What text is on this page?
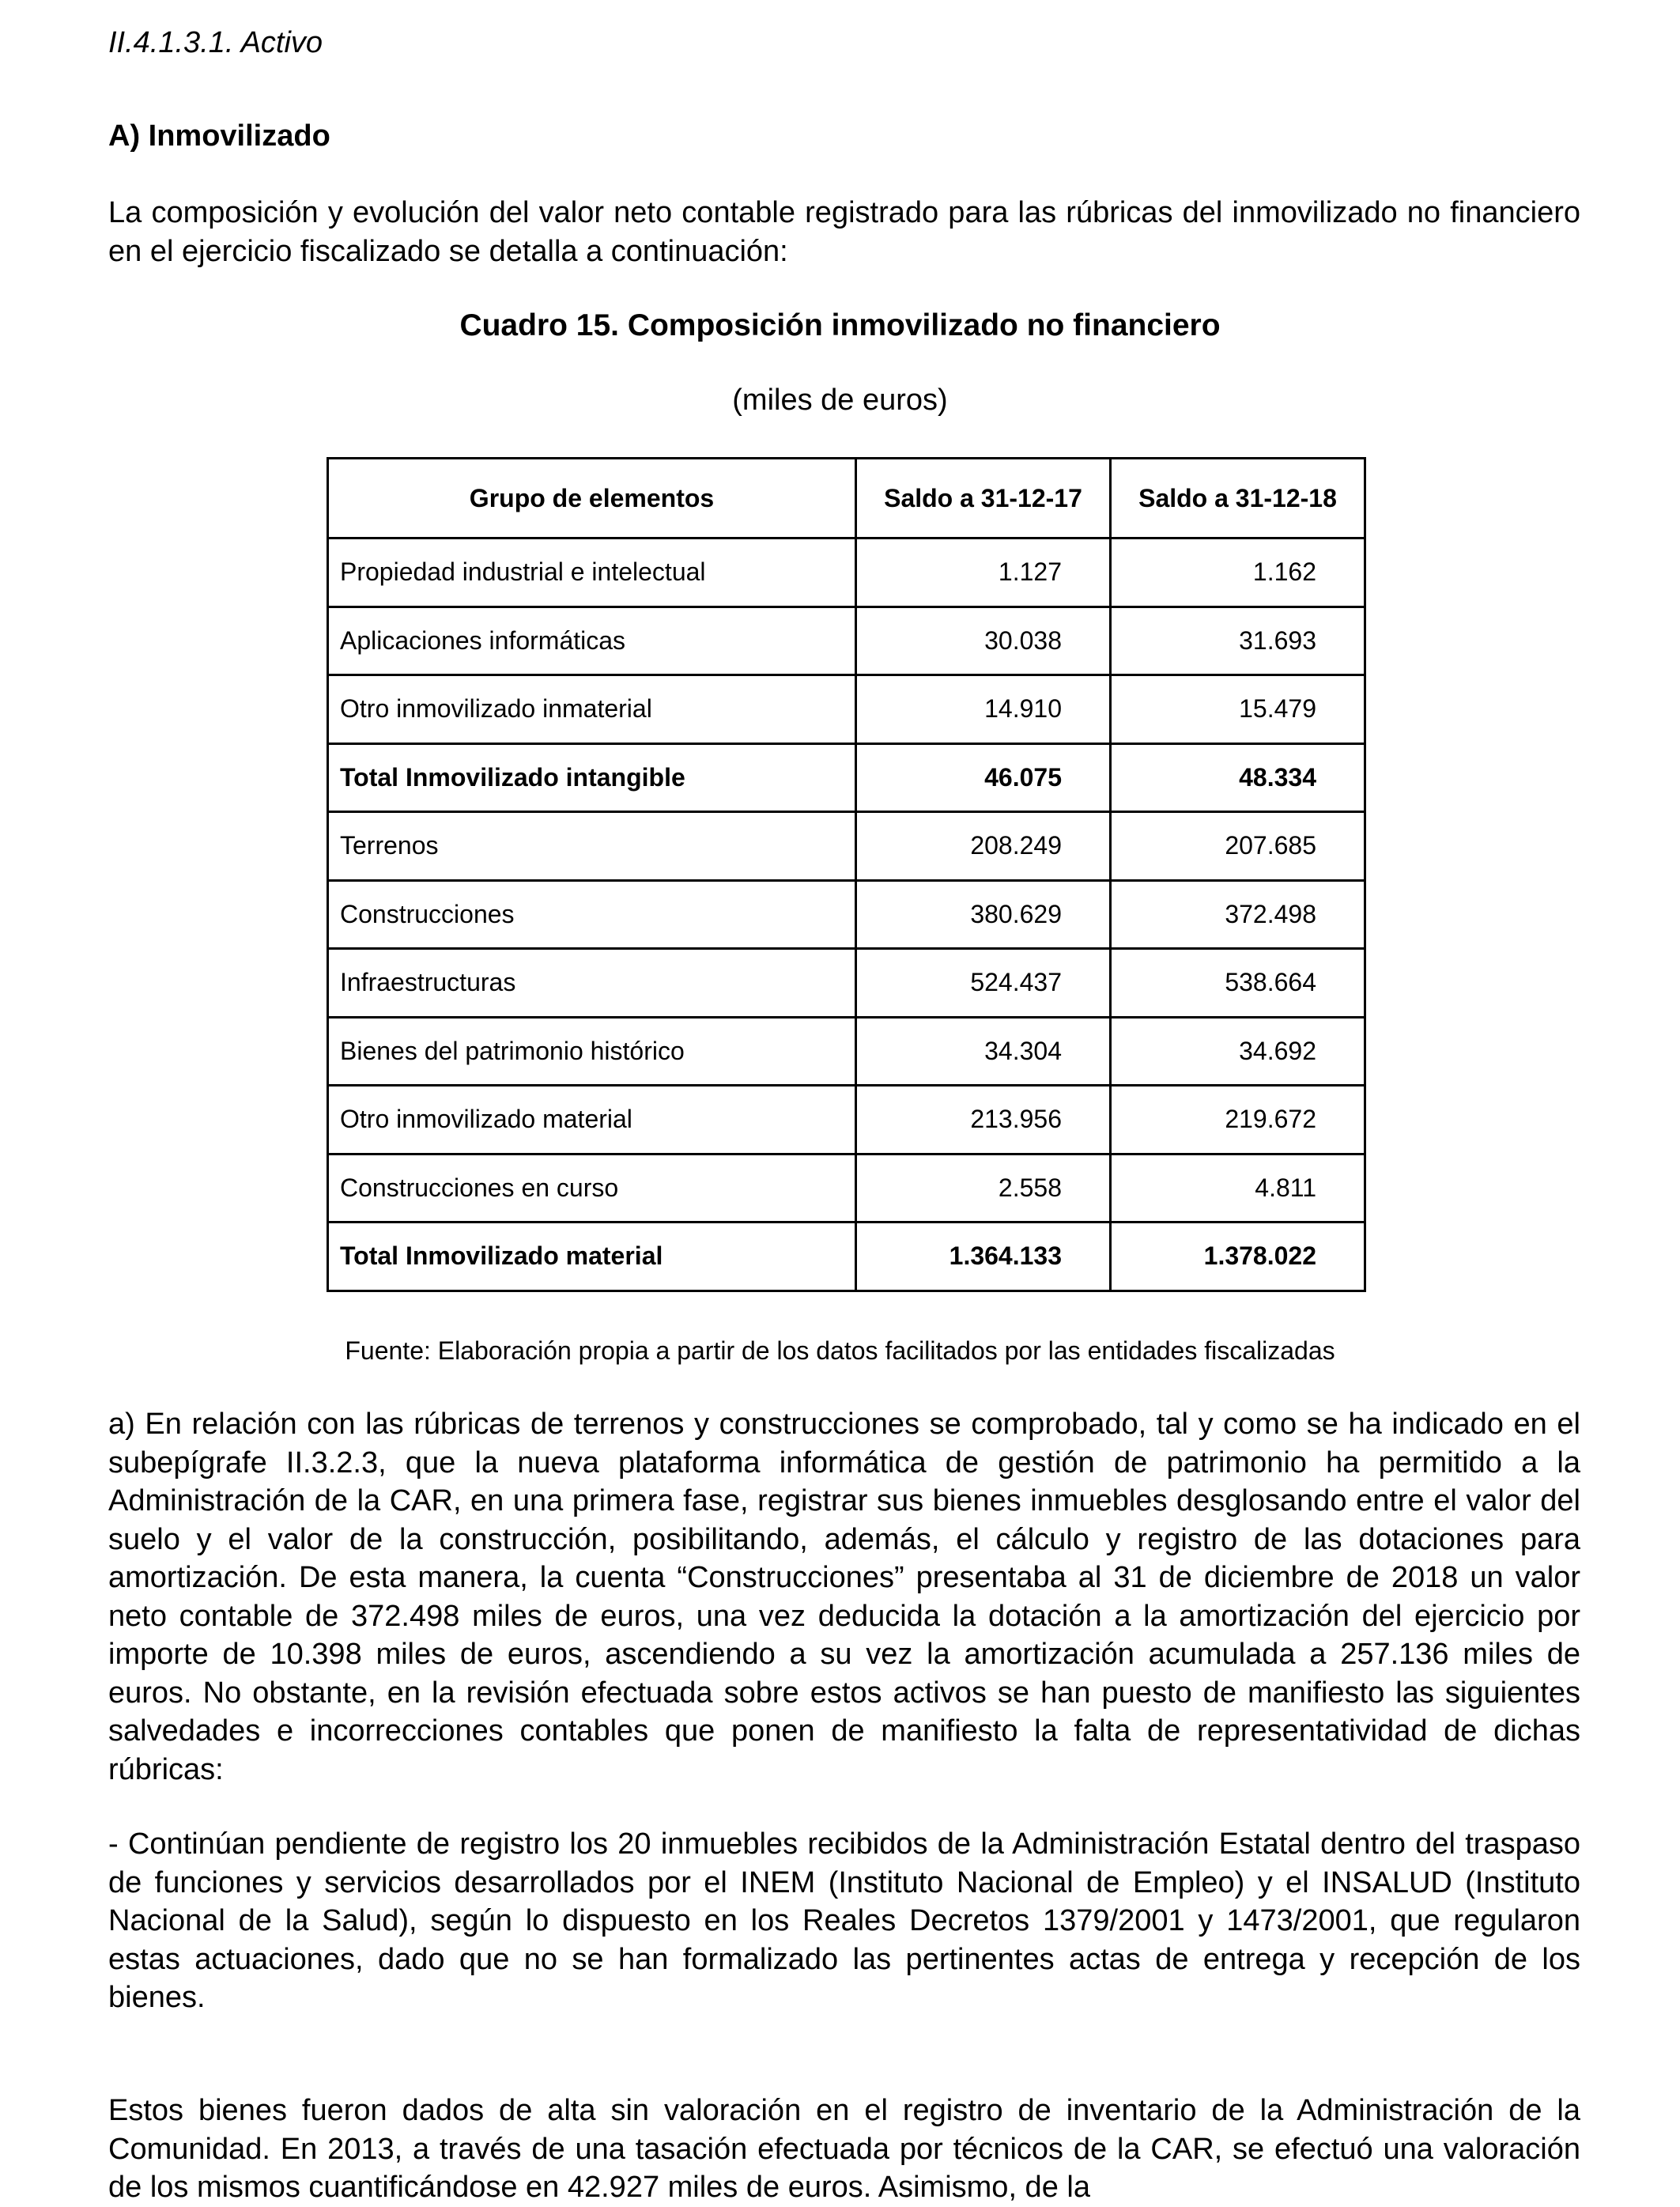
II.4.1.3.1. Activo
A) Inmovilizado

La composición y evolución del valor neto contable registrado para las rúbricas del inmovilizado no financiero en el ejercicio fiscalizado se detalla a continuación:

Cuadro 15. Composición inmovilizado no financiero
(miles de euros)
Grupo de elementos	Saldo a 31-12-17	Saldo a 31-12-18
Propiedad industrial e intelectual	1.127	1.162
Aplicaciones informáticas	30.038	31.693
Otro inmovilizado inmaterial	14.910	15.479
Total Inmovilizado intangible	46.075	48.334
Terrenos	208.249	207.685
Construcciones	380.629	372.498
Infraestructuras	524.437	538.664
Bienes del patrimonio histórico	34.304	34.692
Otro inmovilizado material	213.956	219.672
Construcciones en curso	2.558	4.811
Total Inmovilizado material	1.364.133	1.378.022
Fuente: Elaboración propia a partir de los datos facilitados por las entidades fiscalizadas

a) En relación con las rúbricas de terrenos y construcciones se comprobado, tal y como se ha indicado en el subepígrafe II.3.2.3, que la nueva plataforma informática de gestión de patrimonio ha permitido a la Administración de la CAR, en una primera fase, registrar sus bienes inmuebles desglosando entre el valor del suelo y el valor de la construcción, posibilitando, además, el cálculo y registro de las dotaciones para amortización. De esta manera, la cuenta “Construcciones” presentaba al 31 de diciembre de 2018 un valor neto contable de 372.498 miles de euros, una vez deducida la dotación a la amortización del ejercicio por importe de 10.398 miles de euros, ascendiendo a su vez la amortización acumulada a 257.136 miles de euros. No obstante, en la revisión efectuada sobre estos activos se han puesto de manifiesto las siguientes salvedades e incorrecciones contables que ponen de manifiesto la falta de representatividad de dichas rúbricas:

- Continúan pendiente de registro los 20 inmuebles recibidos de la Administración Estatal dentro del traspaso de funciones y servicios desarrollados por el INEM (Instituto Nacional de Empleo) y el INSALUD (Instituto Nacional de la Salud), según lo dispuesto en los Reales Decretos 1379/2001 y 1473/2001, que regularon estas actuaciones, dado que no se han formalizado las pertinentes actas de entrega y recepción de los bienes.

Estos bienes fueron dados de alta sin valoración en el registro de inventario de la Administración de la Comunidad. En 2013, a través de una tasación efectuada por técnicos de la CAR, se efectuó una valoración de los mismos cuantificándose en 42.927 miles de euros. Asimismo, de la
